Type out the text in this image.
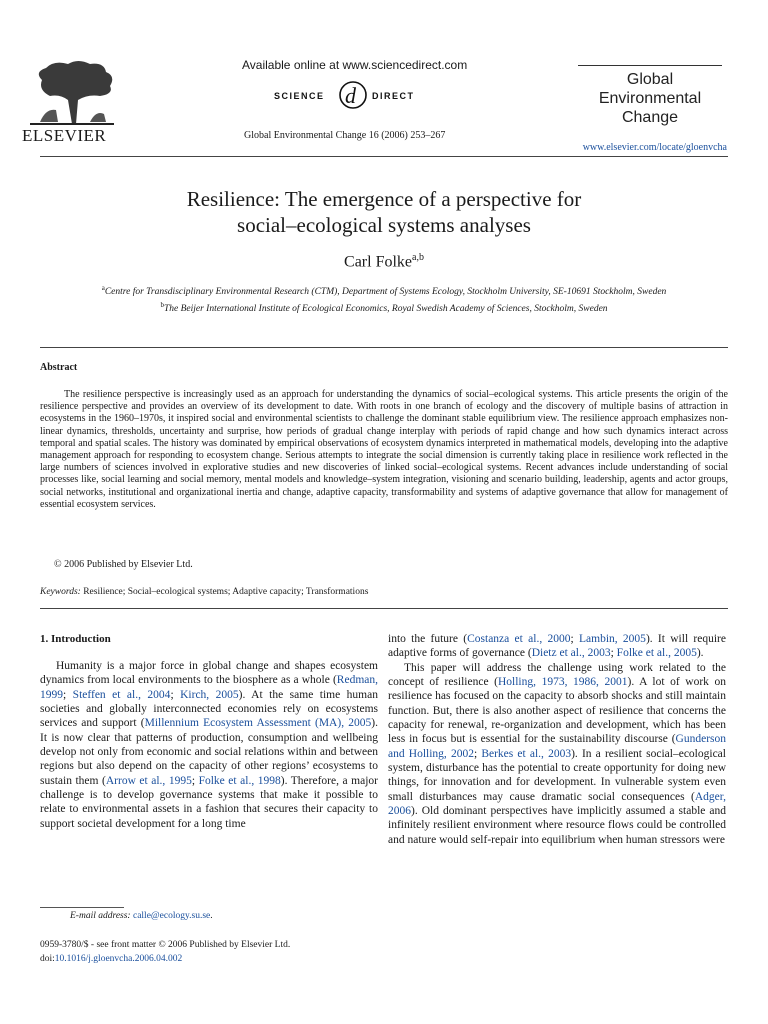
ELSEVIER
Available online at www.sciencedirect.com
SCIENCE d DIRECT
Global Environmental Change 16 (2006) 253–267
Global
Environmental
Change
www.elsevier.com/locate/gloenvcha
Resilience: The emergence of a perspective for
social–ecological systems analyses
Carl Folke$^{a,b}$
$^a$Centre for Transdisciplinary Environmental Research (CTM), Department of Systems Ecology, Stockholm University, SE-10691 Stockholm, Sweden
$^b$The Beijer International Institute of Ecological Economics, Royal Swedish Academy of Sciences, Stockholm, Sweden
Abstract
The resilience perspective is increasingly used as an approach for understanding the dynamics of social–ecological systems. This article presents the origin of the resilience perspective and provides an overview of its development to date. With roots in one branch of ecology and the discovery of multiple basins of attraction in ecosystems in the 1960–1970s, it inspired social and environmental scientists to challenge the dominant stable equilibrium view. The resilience approach emphasizes non-linear dynamics, thresholds, uncertainty and surprise, how periods of gradual change interplay with periods of rapid change and how such dynamics interact across temporal and spatial scales. The history was dominated by empirical observations of ecosystem dynamics interpreted in mathematical models, developing into the adaptive management approach for responding to ecosystem change. Serious attempts to integrate the social dimension is currently taking place in resilience work reflected in the large numbers of sciences involved in explorative studies and new discoveries of linked social–ecological systems. Recent advances include understanding of social processes like, social learning and social memory, mental models and knowledge–system integration, visioning and scenario building, leadership, agents and actor groups, social networks, institutional and organizational inertia and change, adaptive capacity, transformability and systems of adaptive governance that allow for management of essential ecosystem services.
© 2006 Published by Elsevier Ltd.
Keywords: Resilience; Social–ecological systems; Adaptive capacity; Transformations
1. Introduction

Humanity is a major force in global change and shapes ecosystem dynamics from local environments to the biosphere as a whole (Redman, 1999; Steffen et al., 2004; Kirch, 2005). At the same time human societies and globally interconnected economies rely on ecosystems services and support (Millennium Ecosystem Assessment (MA), 2005). It is now clear that patterns of production, consumption and wellbeing develop not only from economic and social relations within and between regions but also depend on the capacity of other regions’ ecosystems to sustain them (Arrow et al., 1995; Folke et al., 1998). Therefore, a major challenge is to develop governance systems that make it possible to relate to environmental assets in a fashion that secures their capacity to support societal development for a long time

into the future (Costanza et al., 2000; Lambin, 2005). It will require adaptive forms of governance (Dietz et al., 2003; Folke et al., 2005).

This paper will address the challenge using work related to the concept of resilience (Holling, 1973, 1986, 2001). A lot of work on resilience has focused on the capacity to absorb shocks and still maintain function. But, there is also another aspect of resilience that concerns the capacity for renewal, re-organization and development, which has been less in focus but is essential for the sustainability discourse (Gunderson and Holling, 2002; Berkes et al., 2003). In a resilient social–ecological system, disturbance has the potential to create opportunity for doing new things, for innovation and for development. In vulnerable system even small disturbances may cause dramatic social consequences (Adger, 2006). Old dominant perspectives have implicitly assumed a stable and infinitely resilient environment where resource flows could be controlled and nature would self-repair into equilibrium when human stressors were

E-mail address: calle@ecology.su.se.
0959-3780/$ - see front matter © 2006 Published by Elsevier Ltd.
doi:10.1016/j.gloenvcha.2006.04.002
